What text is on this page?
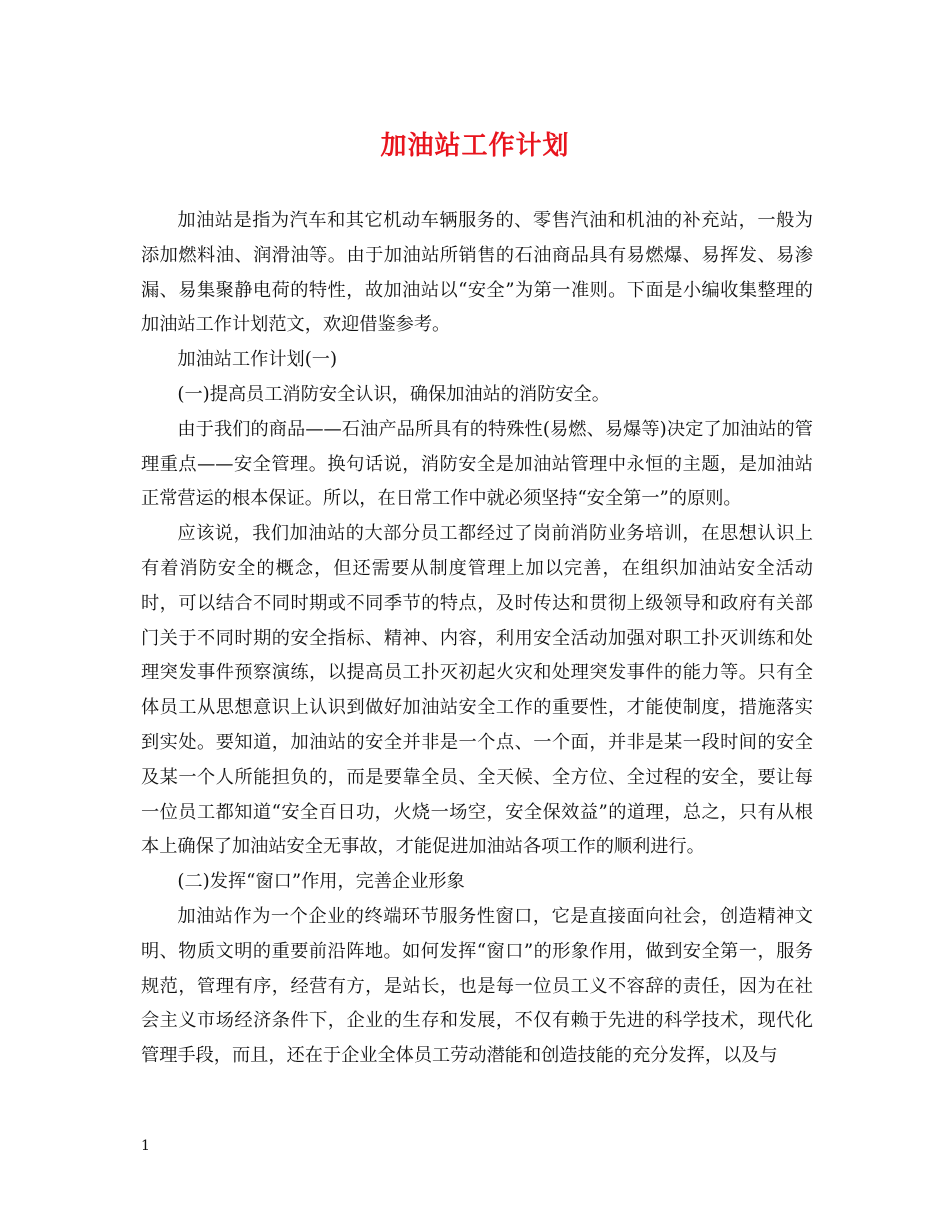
加油站工作计划

加油站是指为汽车和其它机动车辆服务的、零售汽油和机油的补充站，一般为添加燃料油、润滑油等。由于加油站所销售的石油商品具有易燃爆、易挥发、易渗漏、易集聚静电荷的特性，故加油站以“安全”为第一准则。下面是小编收集整理的加油站工作计划范文，欢迎借鉴参考。

加油站工作计划(一)

(一)提高员工消防安全认识，确保加油站的消防安全。

由于我们的商品——石油产品所具有的特殊性(易燃、易爆等)决定了加油站的管理重点——安全管理。换句话说，消防安全是加油站管理中永恒的主题，是加油站正常营运的根本保证。所以，在日常工作中就必须坚持“安全第一”的原则。

应该说，我们加油站的大部分员工都经过了岗前消防业务培训，在思想认识上有着消防安全的概念，但还需要从制度管理上加以完善，在组织加油站安全活动时，可以结合不同时期或不同季节的特点，及时传达和贯彻上级领导和政府有关部门关于不同时期的安全指标、精神、内容，利用安全活动加强对职工扑灭训练和处理突发事件预察演练，以提高员工扑灭初起火灾和处理突发事件的能力等。只有全体员工从思想意识上认识到做好加油站安全工作的重要性，才能使制度，措施落实到实处。要知道，加油站的安全并非是一个点、一个面，并非是某一段时间的安全及某一个人所能担负的，而是要靠全员、全天候、全方位、全过程的安全，要让每一位员工都知道“安全百日功，火烧一场空，安全保效益”的道理，总之，只有从根本上确保了加油站安全无事故，才能促进加油站各项工作的顺利进行。

(二)发挥“窗口”作用，完善企业形象

加油站作为一个企业的终端环节服务性窗口，它是直接面向社会，创造精神文明、物质文明的重要前沿阵地。如何发挥“窗口”的形象作用，做到安全第一，服务规范，管理有序，经营有方，是站长，也是每一位员工义不容辞的责任，因为在社会主义市场经济条件下，企业的生存和发展，不仅有赖于先进的科学技术，现代化管理手段，而且，还在于企业全体员工劳动潜能和创造技能的充分发挥，以及与

1
